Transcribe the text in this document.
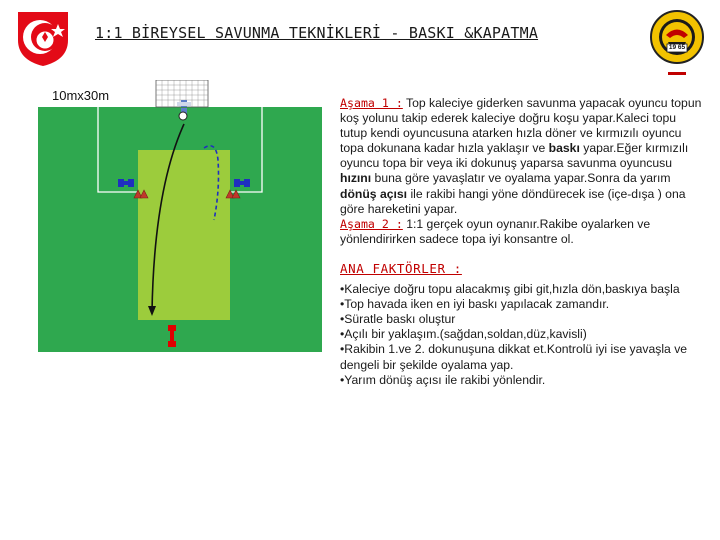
1:1 BİREYSEL SAVUNMA TEKNİKLERİ - BASKI &KAPATMA
19 65
10mx30m	Aşama 1 : Top kaleciye giderken savunma yapacak oyuncu topun koş yolunu takip ederek kaleciye doğru koşu yapar.Kaleci topu tutup kendi oyuncusuna atarken hızla döner ve kırmızılı oyuncu topa dokunana kadar hızla yaklaşır ve baskı yapar.Eğer kırmızılı oyuncu topa bir veya iki dokunuş yaparsa savunma oyuncusu hızını buna göre yavaşlatır ve oyalama yapar.Sonra da yarım dönüş açısı ile rakibi hangi yöne döndürecek ise (içe-dışa ) ona göre hareketini yapar.

Aşama 2 : 1:1 gerçek oyun oynanır.Rakibe oyalarken ve yönlendirirken sadece topa iyi konsantre ol.

ANA FAKTÖRLER :

•Kaleciye doğru topu alacakmış gibi git,hızla dön,baskıya başla
•Top havada iken en iyi baskı yapılacak zamandır.
•Süratle baskı oluştur
•Açılı bir yaklaşım.(sağdan,soldan,düz,kavisli)
•Rakibin 1.ve 2. dokunuşuna dikkat et.Kontrolü iyi ise yavaşla ve dengeli bir şekilde oyalama yap.
•Yarım dönüş açısı ile rakibi yönlendir.
